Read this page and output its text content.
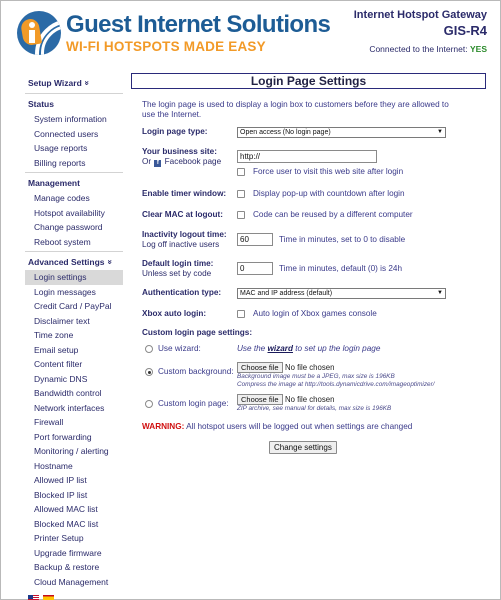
Guest Internet Solutions
WI-FI HOTSPOTS MADE EASY
Internet Hotspot Gateway
GIS-R4
Connected to the Internet: YES
Setup Wizard»
Status
System information
Connected users
Usage reports
Billing reports
Management
Manage codes
Hotspot availability
Change password
Reboot system
Advanced Settings»
Login settings
Login messages
Credit Card / PayPal
Disclaimer text
Time zone
Email setup
Content filter
Dynamic DNS
Bandwidth control
Network interfaces
Firewall
Port forwarding
Monitoring / alerting
Hostname
Allowed IP list
Blocked IP list
Allowed MAC list
Blocked MAC list
Printer Setup
Upgrade firmware
Backup & restore
Cloud Management
Login Page Settings
The login page is used to display a login box to customers before they are allowed to use the Internet.
Login page type:	Open access (No login page)	▼
Your business site:
Or f Facebook page
http://
Force user to visit this web site after login
Enable timer window:	Display pop-up with countdown after login
Clear MAC at logout:	Code can be reused by a different computer
Inactivity logout time:
Log off inactive users
60	Time in minutes, set to 0 to disable
Default login time:
Unless set by code
0	Time in minutes, default (0) is 24h
Authentication type:	MAC and IP address (default)	▼
Xbox auto login:	Auto login of Xbox games console
Custom login page settings:
Use wizard:	Use the wizard to set up the login page
Custom background: Choose file No file chosen
Background image must be a JPEG, max size is 196KB
Compress the image at http://tools.dynamicdrive.com/imageoptimizer/
Custom login page:	Choose file No file chosen
ZIP archive, see manual for details, max size is 196KB
WARNING: All hotspot users will be logged out when settings are changed
Change settings
